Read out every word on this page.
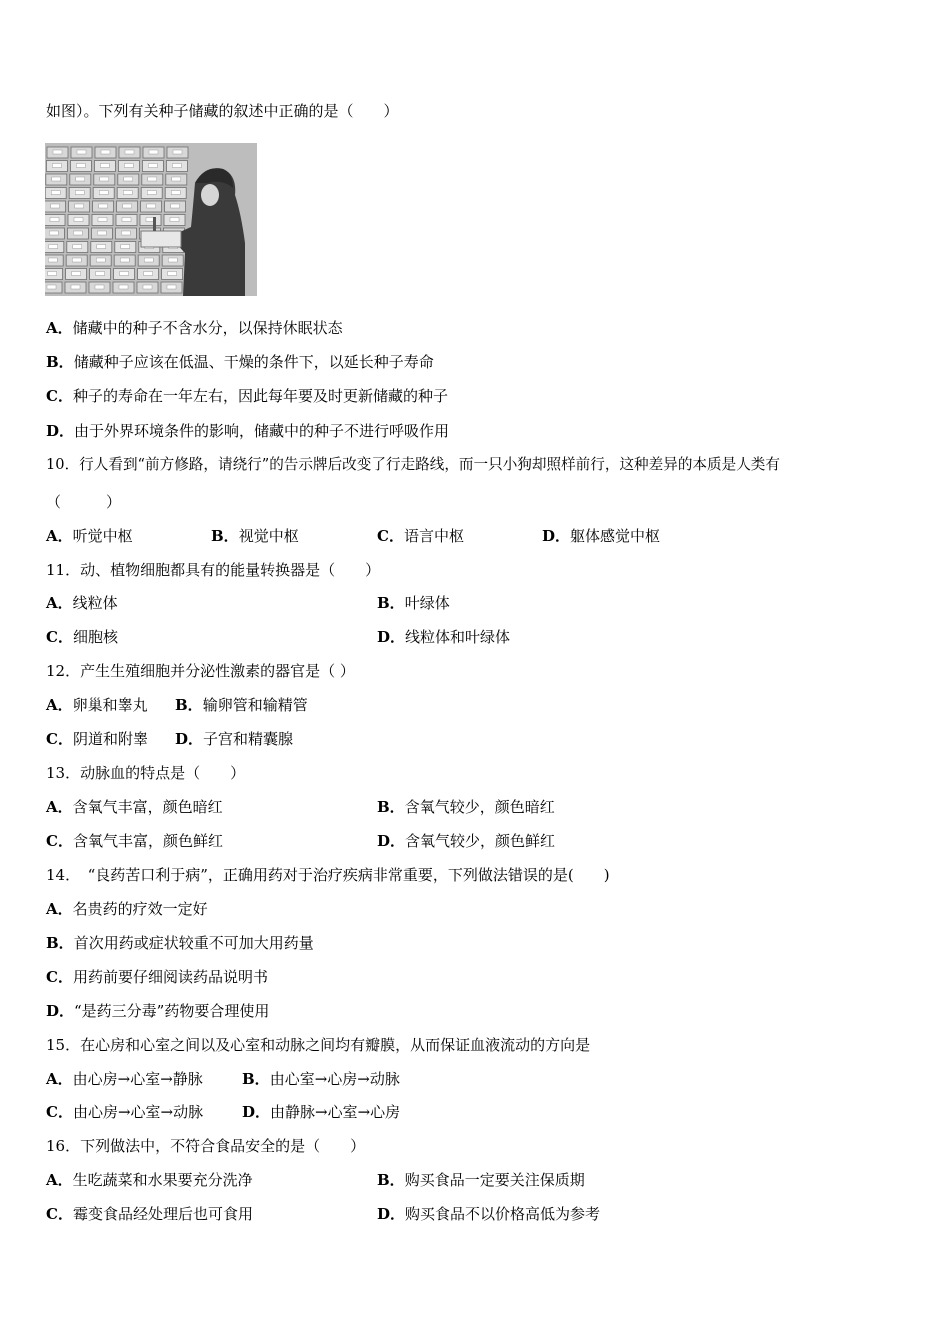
如图）。下列有关种子储藏的叙述中正确的是（　　）
A．储藏中的种子不含水分，以保持休眠状态
B．储藏种子应该在低温、干燥的条件下，以延长种子寿命
C．种子的寿命在一年左右，因此每年要及时更新储藏的种子
D．由于外界环境条件的影响，储藏中的种子不进行呼吸作用
10．行人看到“前方修路，请绕行”的告示牌后改变了行走路线，而一只小狗却照样前行，这种差异的本质是人类有
（　　　）
A．听觉中枢	B．视觉中枢	C．语言中枢	D．躯体感觉中枢
11．动、植物细胞都具有的能量转换器是（　　）
A．线粒体	B．叶绿体
C．细胞核	D．线粒体和叶绿体
12．产生生殖细胞并分泌性激素的器官是（ ）
A．卵巢和睾丸 B．输卵管和输精管
C．阴道和附睾 D．子宫和精囊腺
13．动脉血的特点是（　　）
A．含氧气丰富，颜色暗红	B．含氧气较少，颜色暗红
C．含氧气丰富，颜色鲜红	D．含氧气较少，颜色鲜红
14．　“良药苦口利于病”，正确用药对于治疗疾病非常重要，下列做法错误的是(　　)
A．名贵药的疗效一定好
B．首次用药或症状较重不可加大用药量
C．用药前要仔细阅读药品说明书
D．“是药三分毒”药物要合理使用
15．在心房和心室之间以及心室和动脉之间均有瓣膜，从而保证血液流动的方向是
A．由心房→心室→静脉	B．由心室→心房→动脉
C．由心房→心室→动脉	D．由静脉→心室→心房
16．下列做法中，不符合食品安全的是（　　）
A．生吃蔬菜和水果要充分洗净	B．购买食品一定要关注保质期
C．霉变食品经处理后也可食用	D．购买食品不以价格高低为参考
